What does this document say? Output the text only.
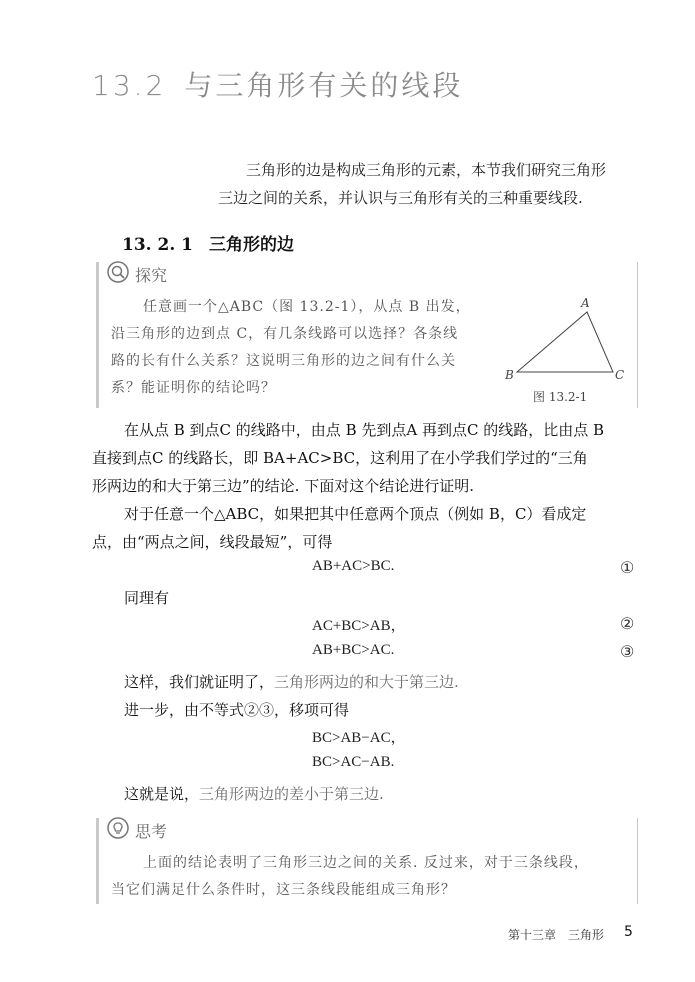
13.2 与三角形有关的线段
三角形的边是构成三角形的元素，本节我们研究三角形
三边之间的关系，并认识与三角形有关的三种重要线段.
13. 2. 1 三角形的边
探究
任意画一个△ABC（图 13.2-1），从点 B 出发，
沿三角形的边到点 C，有几条线路可以选择？各条线
路的长有什么关系？这说明三角形的边之间有什么关
系？能证明你的结论吗？
A
B	C
图 13.2-1
在从点 B 到点C 的线路中，由点 B 先到点A 再到点C 的线路，比由点 B
直接到点C 的线路长，即 BA+AC>BC，这利用了在小学我们学过的“三角
形两边的和大于第三边”的结论. 下面对这个结论进行证明.
对于任意一个△ABC，如果把其中任意两个顶点（例如 B，C）看成定
点，由“两点之间，线段最短”，可得
AB+AC>BC.	①
同理有
AC+BC>AB，	②
AB+BC>AC.	③
这样，我们就证明了，三角形两边的和大于第三边.
进一步，由不等式②③，移项可得
BC>AB−AC，
BC>AC−AB.
这就是说，三角形两边的差小于第三边.
思考
上面的结论表明了三角形三边之间的关系. 反过来，对于三条线段，
当它们满足什么条件时，这三条线段能组成三角形？
第十三章　三角形 5
